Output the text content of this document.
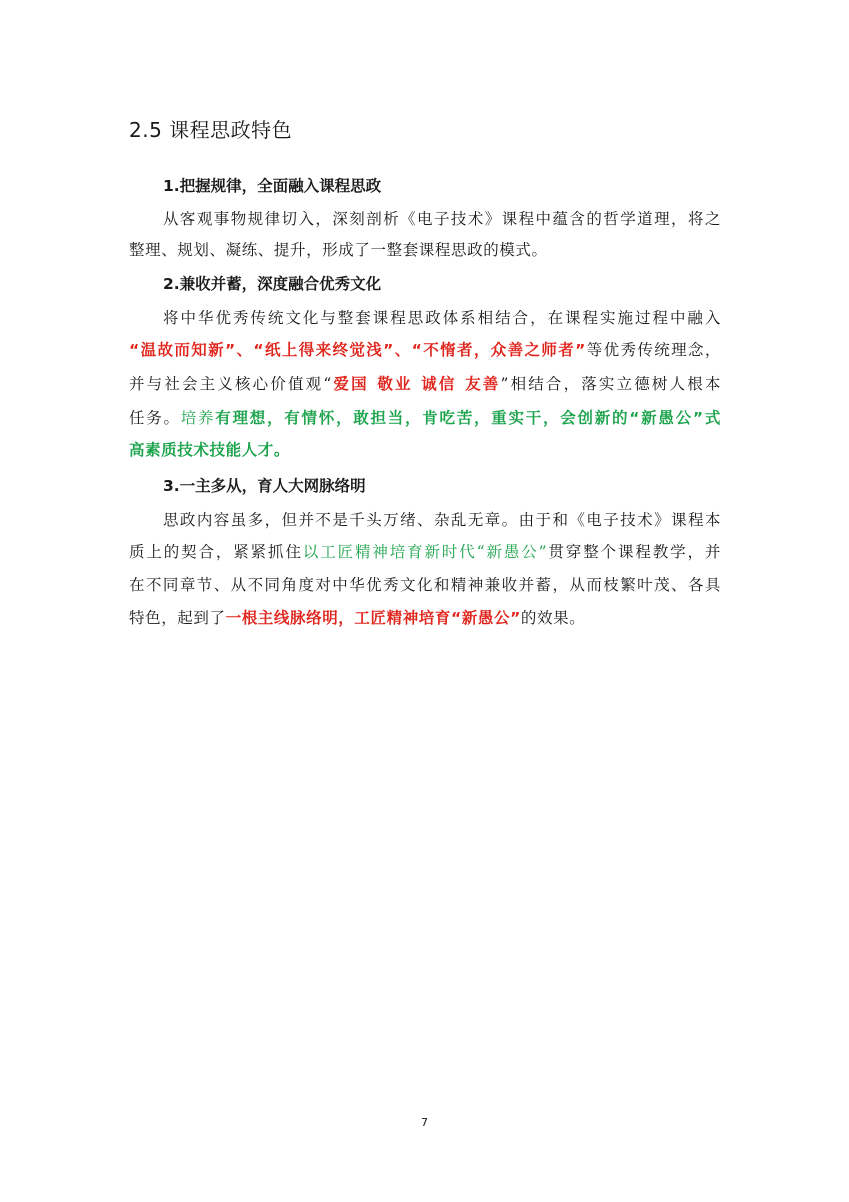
2.5 课程思政特色

1.把握规律，全面融入课程思政

从客观事物规律切入，深刻剖析《电子技术》课程中蕴含的哲学道理，将之

整理、规划、凝练、提升，形成了一整套课程思政的模式。

2.兼收并蓄，深度融合优秀文化

将中华优秀传统文化与整套课程思政体系相结合，在课程实施过程中融入

“温故而知新”、“纸上得来终觉浅”、“不惰者，众善之师者”等优秀传统理念，

并与社会主义核心价值观“爱国 敬业 诚信 友善”相结合，落实立德树人根本

任务。培养有理想，有情怀，敢担当，肯吃苦，重实干，会创新的“新愚公”式

高素质技术技能人才。

3.一主多从，育人大网脉络明

思政内容虽多，但并不是千头万绪、杂乱无章。由于和《电子技术》课程本

质上的契合，紧紧抓住以工匠精神培育新时代“新愚公”贯穿整个课程教学，并

在不同章节、从不同角度对中华优秀文化和精神兼收并蓄，从而枝繁叶茂、各具

特色，起到了一根主线脉络明，工匠精神培育“新愚公”的效果。

7
